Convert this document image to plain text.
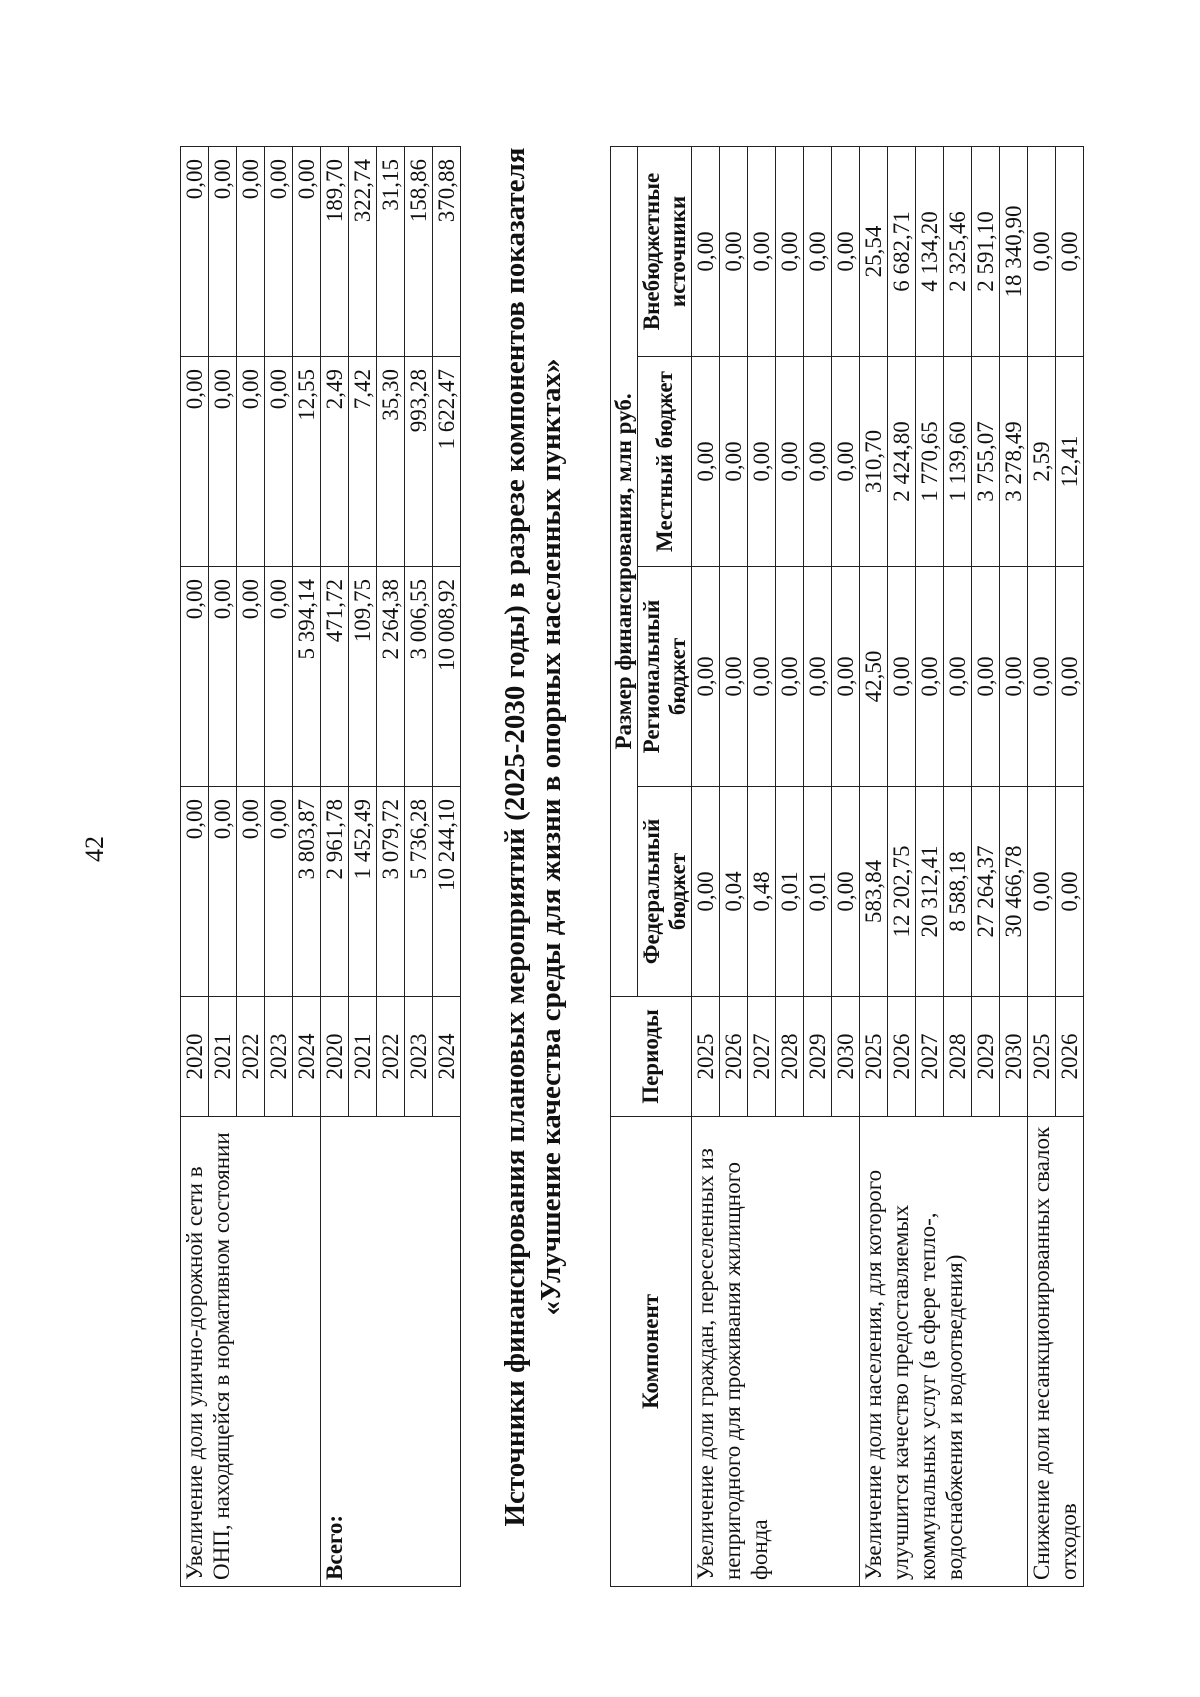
42
Увеличение доли улично-дорожной сети в ОНП, находящейся в нормативном состоянии	2020	0,00	0,00	0,00	0,00
	2021	0,00	0,00	0,00	0,00
	2022	0,00	0,00	0,00	0,00
	2023	0,00	0,00	0,00	0,00
	2024	3 803,87	5 394,14	12,55	0,00
Всего:	2020	2 961,78	471,72	2,49	189,70
	2021	1 452,49	109,75	7,42	322,74
	2022	3 079,72	2 264,38	35,30	31,15
	2023	5 736,28	3 006,55	993,28	158,86
	2024	10 244,10	10 008,92	1 622,47	370,88 Источники финансирования плановых мероприятий (2025-2030 годы) в разрезе компонентов показателя «Улучшение качества среды для жизни в опорных населенных пунктах»
Компонент	Периоды	Размер финансирования, млн руб.			
		Федеральный бюджет	Региональный бюджет	Местный бюджет	Внебюджетные источники
Увеличение доли граждан, переселенных из непригодного для проживания жилищного фонда	2025	0,00	0,00	0,00	0,00
	2026	0,04	0,00	0,00	0,00
	2027	0,48	0,00	0,00	0,00
	2028	0,01	0,00	0,00	0,00
	2029	0,01	0,00	0,00	0,00
	2030	0,00	0,00	0,00	0,00
Увеличение доли населения, для которого улучшится качество предоставляемых коммунальных услуг (в сфере тепло-, водоснабжения и водоотведения)	2025	583,84	42,50	310,70	25,54
	2026	12 202,75	0,00	2 424,80	6 682,71
	2027	20 312,41	0,00	1 770,65	4 134,20
	2028	8 588,18	0,00	1 139,60	2 325,46
	2029	27 264,37	0,00	3 755,07	2 591,10
	2030	30 466,78	0,00	3 278,49	18 340,90
Снижение доли несанкционированных свалок отходов	2025	0,00	0,00	2,59	0,00
	2026	0,00	0,00	12,41	0,00
